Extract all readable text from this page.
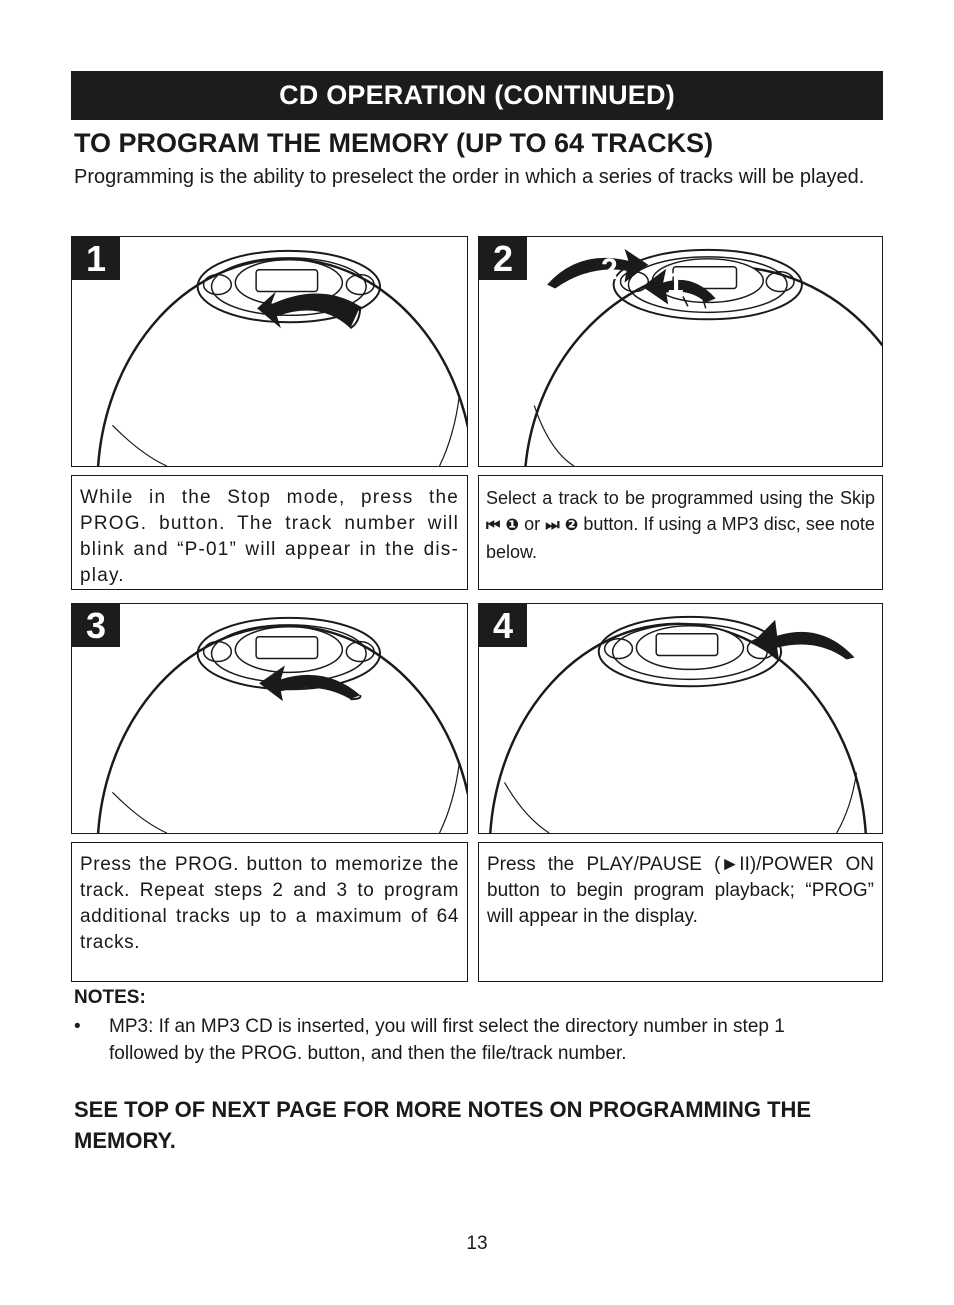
CD OPERATION (CONTINUED)
TO PROGRAM THE MEMORY (UP TO 64 TRACKS)

Programming is the ability to preselect the order in which a series of tracks will be played.

1	2	2 1
While in the Stop mode, press the PROG. button. The track number will blink and “P-01” will appear in the dis-play.
Select a track to be programmed using the Skip ⏮ ❶ or ⏭ ❷ button. If using a MP3 disc, see note below.
3	4
Press the PROG. button to memorize the track. Repeat steps 2 and 3 to program additional tracks up to a maximum of 64 tracks.
Press the PLAY/PAUSE (►II)/POWER ON button to begin program playback; “PROG” will appear in the display.
NOTES:
• MP3: If an MP3 CD is inserted, you will first select the directory number in step 1 followed by the PROG. button, and then the file/track number.
SEE TOP OF NEXT PAGE FOR MORE NOTES ON PROGRAMMING THE MEMORY.
13
